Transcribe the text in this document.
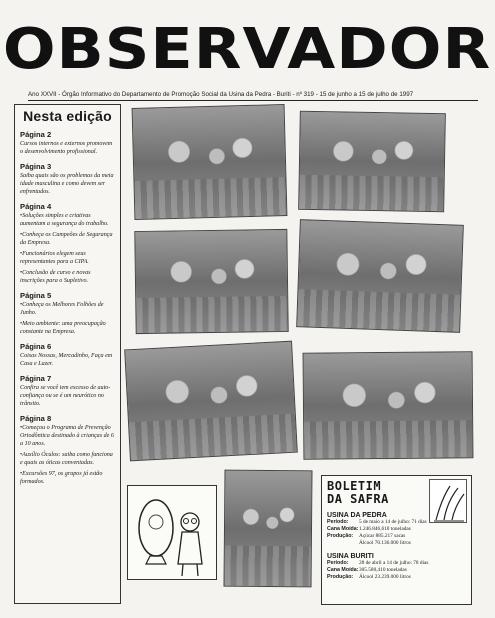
OBSERVADOR
Ano XXVII - Órgão Informativo do Departamento de Promoção Social da Usina da Pedra - Buriti - nº 319 - 15 de junho a 15 de julho de 1997
Nesta edição
Página 2
Cursos internos e externos promovem o desenvolvimento profissional.
Página 3
Saiba quais são os problemas da meia idade masculina e como devem ser enfrentados.
Página 4
•Soluções simples e criativas aumentam a segurança do trabalho.
•Conheça os Campeões de Segurança da Empresa.
•Funcionários elegem seus representantes para a CIPA.
•Conclusão de curso e novas inscrições para o Supletivo.
Página 5
•Conheça os Melhores Folhões de Junho.
•Meio ambiente: uma preocupação constante na Empresa.
Página 6
Coisas Nossas, Mercadinho, Faça em Casa e Lazer.
Página 7
Confira se você tem excesso de auto-confiança ou se é um neurótico no trânsito.
Página 8
•Começou o Programa de Prevenção Ortodôntica destinado à crianças de 6 a 10 anos.
•Auxílio Óculos: saiba como funciona e quais as óticas conveniadas.
•Excursões 97, os grupos já estão formados.	BOLETIM
DA SAFRA
USINA DA PEDRA
Período:	5 de maio a 14 de julho: 71 dias
Cana Moída: 1.246.846,610 toneladas
Produção:	Açúcar 885.217 sacas
Álcool 70.136.000 litros
USINA BURITI
Período:	28 de abril a 14 de julho: 78 dias
Cana Moída: 305.580,410 toneladas
Produção:	Álcool 23.239.000 litros
